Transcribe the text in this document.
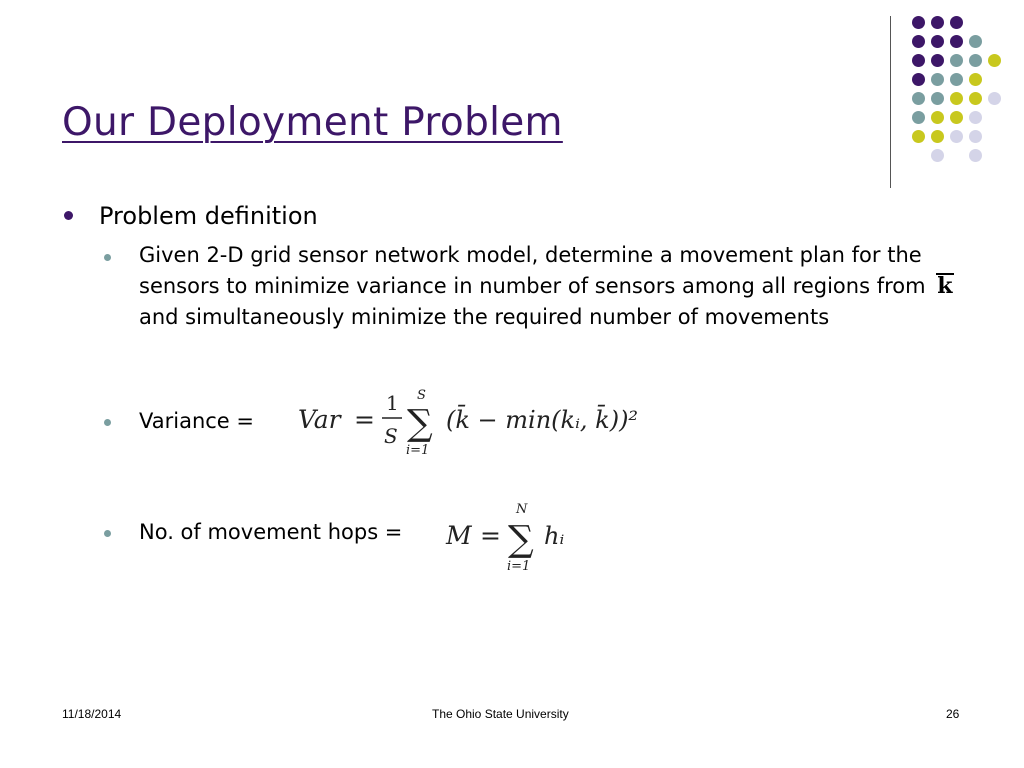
Our Deployment Problem
Problem definition
Given 2-D grid sensor network model, determine a movement plan for the sensors to minimize variance in number of sensors among all regions from k and simultaneously minimize the required number of movements
Variance =	Var =
1
S
S
∑
i=1
(k̄ − min(kᵢ, k̄))²
No. of movement hops =	M =
N
∑
i=1
hᵢ
11/18/2014	The Ohio State University	26
